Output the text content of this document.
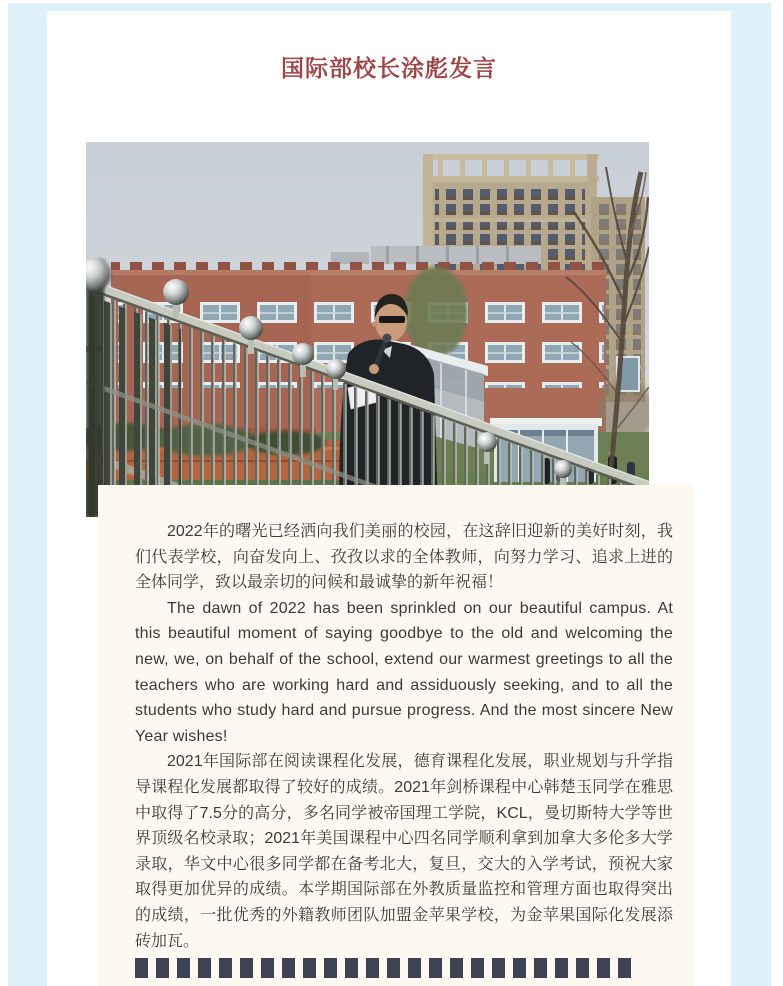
国际部校长涂彪发言

2022年的曙光已经洒向我们美丽的校园，在这辞旧迎新的美好时刻，我们代表学校，向奋发向上、孜孜以求的全体教师，向努力学习、追求上进的全体同学，致以最亲切的问候和最诚挚的新年祝福！

The dawn of 2022 has been sprinkled on our beautiful campus. At this beautiful moment of saying goodbye to the old and welcoming the new, we, on behalf of the school, extend our warmest greetings to all the teachers who are working hard and assiduously seeking, and to all the students who study hard and pursue progress. And the most sincere New Year wishes!

2021年国际部在阅读课程化发展，德育课程化发展，职业规划与升学指导课程化发展都取得了较好的成绩。2021年剑桥课程中心韩楚玉同学在雅思中取得了7.5分的高分，多名同学被帝国理工学院，KCL，曼切斯特大学等世界顶级名校录取；2021年美国课程中心四名同学顺利拿到加拿大多伦多大学录取，华文中心很多同学都在备考北大，复旦，交大的入学考试，预祝大家取得更加优异的成绩。本学期国际部在外教质量监控和管理方面也取得突出的成绩，一批优秀的外籍教师团队加盟金苹果学校，为金苹果国际化发展添砖加瓦。
